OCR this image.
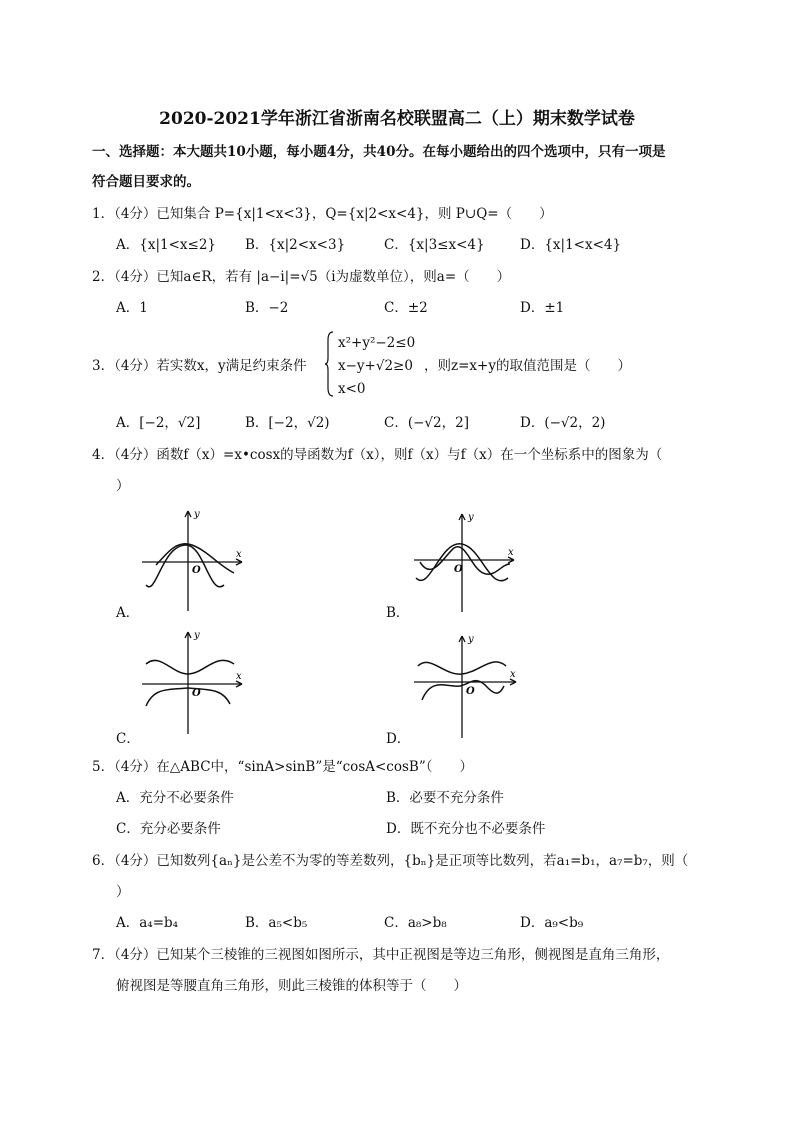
2020-2021学年浙江省浙南名校联盟高二（上）期末数学试卷
一、选择题：本大题共10小题，每小题4分，共40分。在每小题给出的四个选项中，只有一项是
符合题目要求的。
1．（4分）已知集合 P={x|1<x<3}，Q={x|2<x<4}，则 P∪Q=（　　）
A．{x|1<x≤2} B．{x|2<x<3}	C．{x|3≤x<4}	D．{x|1<x<4}
2．（4分）已知a∈R，若有 |a−i|=√5（i为虚数单位），则a=（　　）
A．1	B．−2	C．±2	D．±1
3．（4分）若实数x，y满足约束条件
x²+y²−2≤0
x−y+√2≥0
x<0
，则z=x+y的取值范围是（　　）
A．[−2，√2]	B．[−2，√2)	C．(−√2，2]	D．(−√2，2)
4．（4分）函数f（x）=x•cosx的导函数为f（x），则f（x）与f（x）在一个坐标系中的图象为（
）
y
x
O
A．
y
x
O
B．
y
x
O
C．
y
x
O
D．
5．（4分）在△ABC中，“sinA>sinB”是“cosA<cosB”（　　）
A．充分不必要条件	B．必要不充分条件
C．充分必要条件	D．既不充分也不必要条件
6．（4分）已知数列{aₙ}是公差不为零的等差数列，{bₙ}是正项等比数列，若a₁=b₁，a₇=b₇，则（
）
A．a₄=b₄	B．a₅<b₅	C．a₈>b₈	D．a₉<b₉
7．（4分）已知某个三棱锥的三视图如图所示，其中正视图是等边三角形，侧视图是直角三角形，
俯视图是等腰直角三角形，则此三棱锥的体积等于（　　）
